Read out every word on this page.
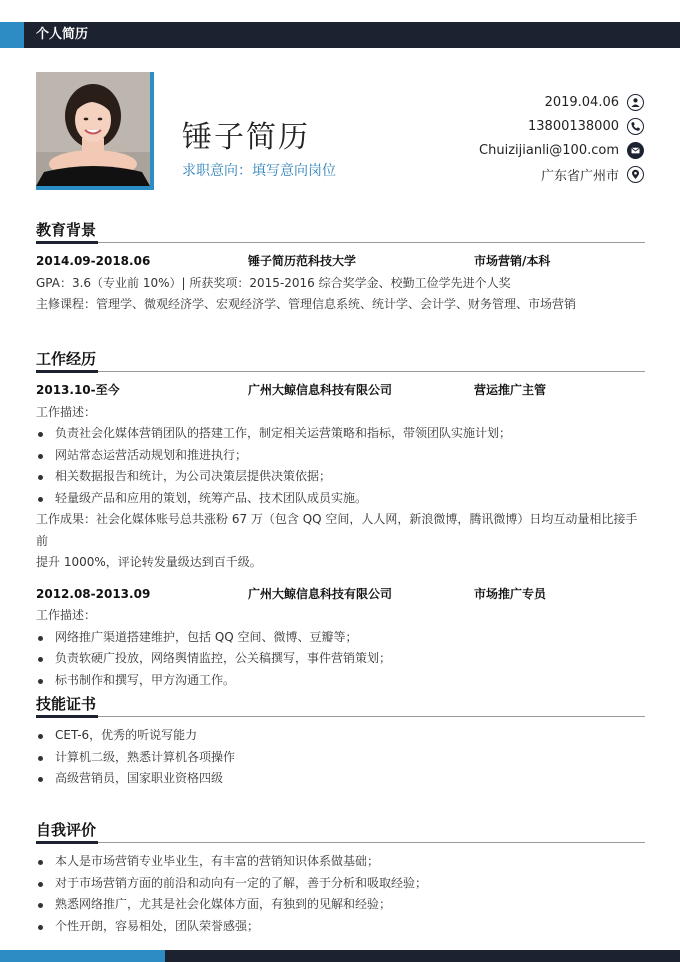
个人简历
锤子简历
求职意向：填写意向岗位
2019.04.06
13800138000
Chuizijianli@100.com
广东省广州市
教育背景
2014.09-2018.06	锤子简历范科技大学	市场营销/本科
GPA：3.6（专业前 10%）| 所获奖项：2015-2016 综合奖学金、校勤工俭学先进个人奖
主修课程：管理学、微观经济学、宏观经济学、管理信息系统、统计学、会计学、财务管理、市场营销
工作经历
2013.10-至今	广州大鲸信息科技有限公司	营运推广主管
工作描述：
负责社会化媒体营销团队的搭建工作，制定相关运营策略和指标，带领团队实施计划；
网站常态运营活动规划和推进执行；
相关数据报告和统计，为公司决策层提供决策依据；
轻量级产品和应用的策划，统筹产品、技术团队成员实施。
工作成果：社会化媒体账号总共涨粉 67 万（包含 QQ 空间，人人网，新浪微博，腾讯微博）日均互动量相比接手前
提升 1000%，评论转发量级达到百千级。
2012.08-2013.09	广州大鲸信息科技有限公司	市场推广专员
工作描述：
网络推广渠道搭建维护，包括 QQ 空间、微博、豆瓣等；
负责软硬广投放，网络舆情监控，公关稿撰写，事件营销策划；
标书制作和撰写，甲方沟通工作。
技能证书
CET-6，优秀的听说写能力
计算机二级，熟悉计算机各项操作
高级营销员，国家职业资格四级
自我评价
本人是市场营销专业毕业生，有丰富的营销知识体系做基础；
对于市场营销方面的前沿和动向有一定的了解，善于分析和吸取经验；
熟悉网络推广，尤其是社会化媒体方面，有独到的见解和经验；
个性开朗，容易相处，团队荣誉感强；
